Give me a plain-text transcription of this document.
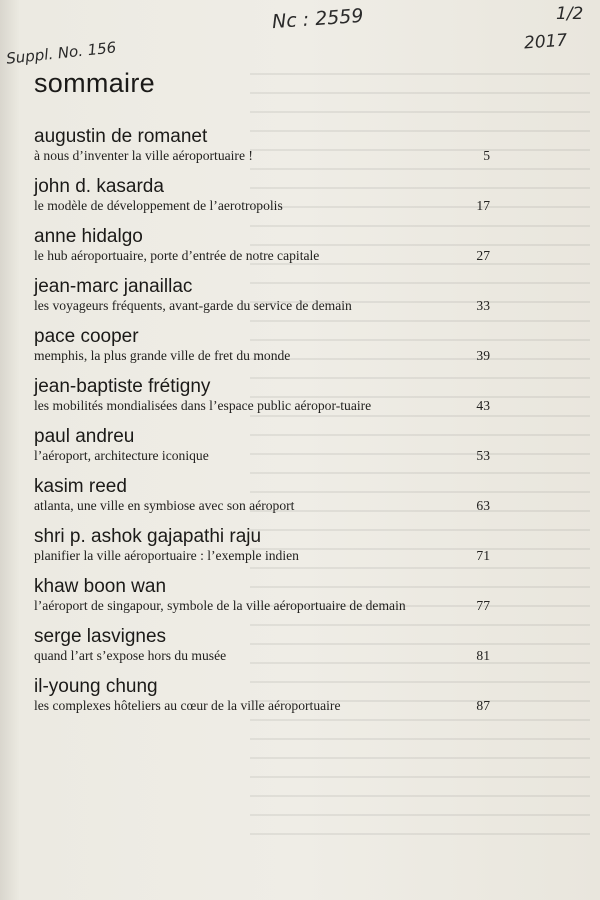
Suppl. No. 156
Nc : 2559	1/2
2017
sommaire
augustin de romanet
à nous d’inventer la ville aéroportuaire !	5
john d. kasarda
le modèle de développement de l’aerotropolis	17
anne hidalgo
le hub aéroportuaire, porte d’entrée de notre capitale	27
jean-marc janaillac
les voyageurs fréquents, avant-garde du service de demain	33
pace cooper
memphis, la plus grande ville de fret du monde	39
jean-baptiste frétigny
les mobilités mondialisées dans l’espace public aéropor-tuaire	43
paul andreu
l’aéroport, architecture iconique	53
kasim reed
atlanta, une ville en symbiose avec son aéroport	63
shri p. ashok gajapathi raju
planifier la ville aéroportuaire : l’exemple indien	71
khaw boon wan
l’aéroport de singapour, symbole de la ville aéroportuaire de demain	77
serge lasvignes
quand l’art s’expose hors du musée	81
il-young chung
les complexes hôteliers au cœur de la ville aéroportuaire	87
